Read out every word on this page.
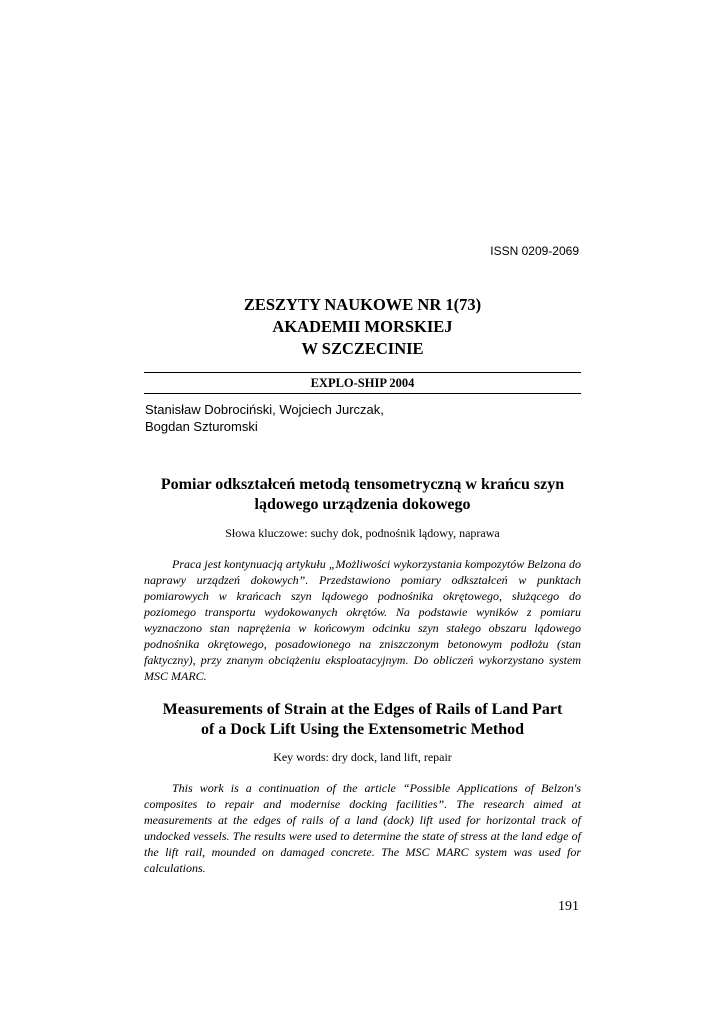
ISSN 0209-2069
ZESZYTY NAUKOWE NR 1(73)
AKADEMII MORSKIEJ
W SZCZECINIE
EXPLO-SHIP 2004
Stanisław Dobrociński, Wojciech Jurczak,
Bogdan Szturomski
Pomiar odkształceń metodą tensometryczną w krańcu szyn
lądowego urządzenia dokowego
Słowa kluczowe: suchy dok, podnośnik lądowy, naprawa

Praca jest kontynuacją artykułu „Możliwości wykorzystania kompozytów Belzona do naprawy urządzeń dokowych”. Przedstawiono pomiary odkształceń w punktach pomiarowych w krańcach szyn lądowego podnośnika okrętowego, służącego do poziomego transportu wydokowanych okrętów. Na podstawie wyników z pomiaru wyznaczono stan naprężenia w końcowym odcinku szyn stałego obszaru lądowego podnośnika okrętowego, posadowionego na zniszczonym betonowym podłożu (stan faktyczny), przy znanym obciążeniu eksploatacyjnym. Do obliczeń wykorzystano system MSC MARC.

Measurements of Strain at the Edges of Rails of Land Part
of a Dock Lift Using the Extensometric Method
Key words: dry dock, land lift, repair

This work is a continuation of the article “Possible Applications of Belzon's composites to repair and modernise docking facilities”. The research aimed at measurements at the edges of rails of a land (dock) lift used for horizontal track of undocked vessels. The results were used to determine the state of stress at the land edge of the lift rail, mounded on damaged concrete. The MSC MARC system was used for calculations.

191
